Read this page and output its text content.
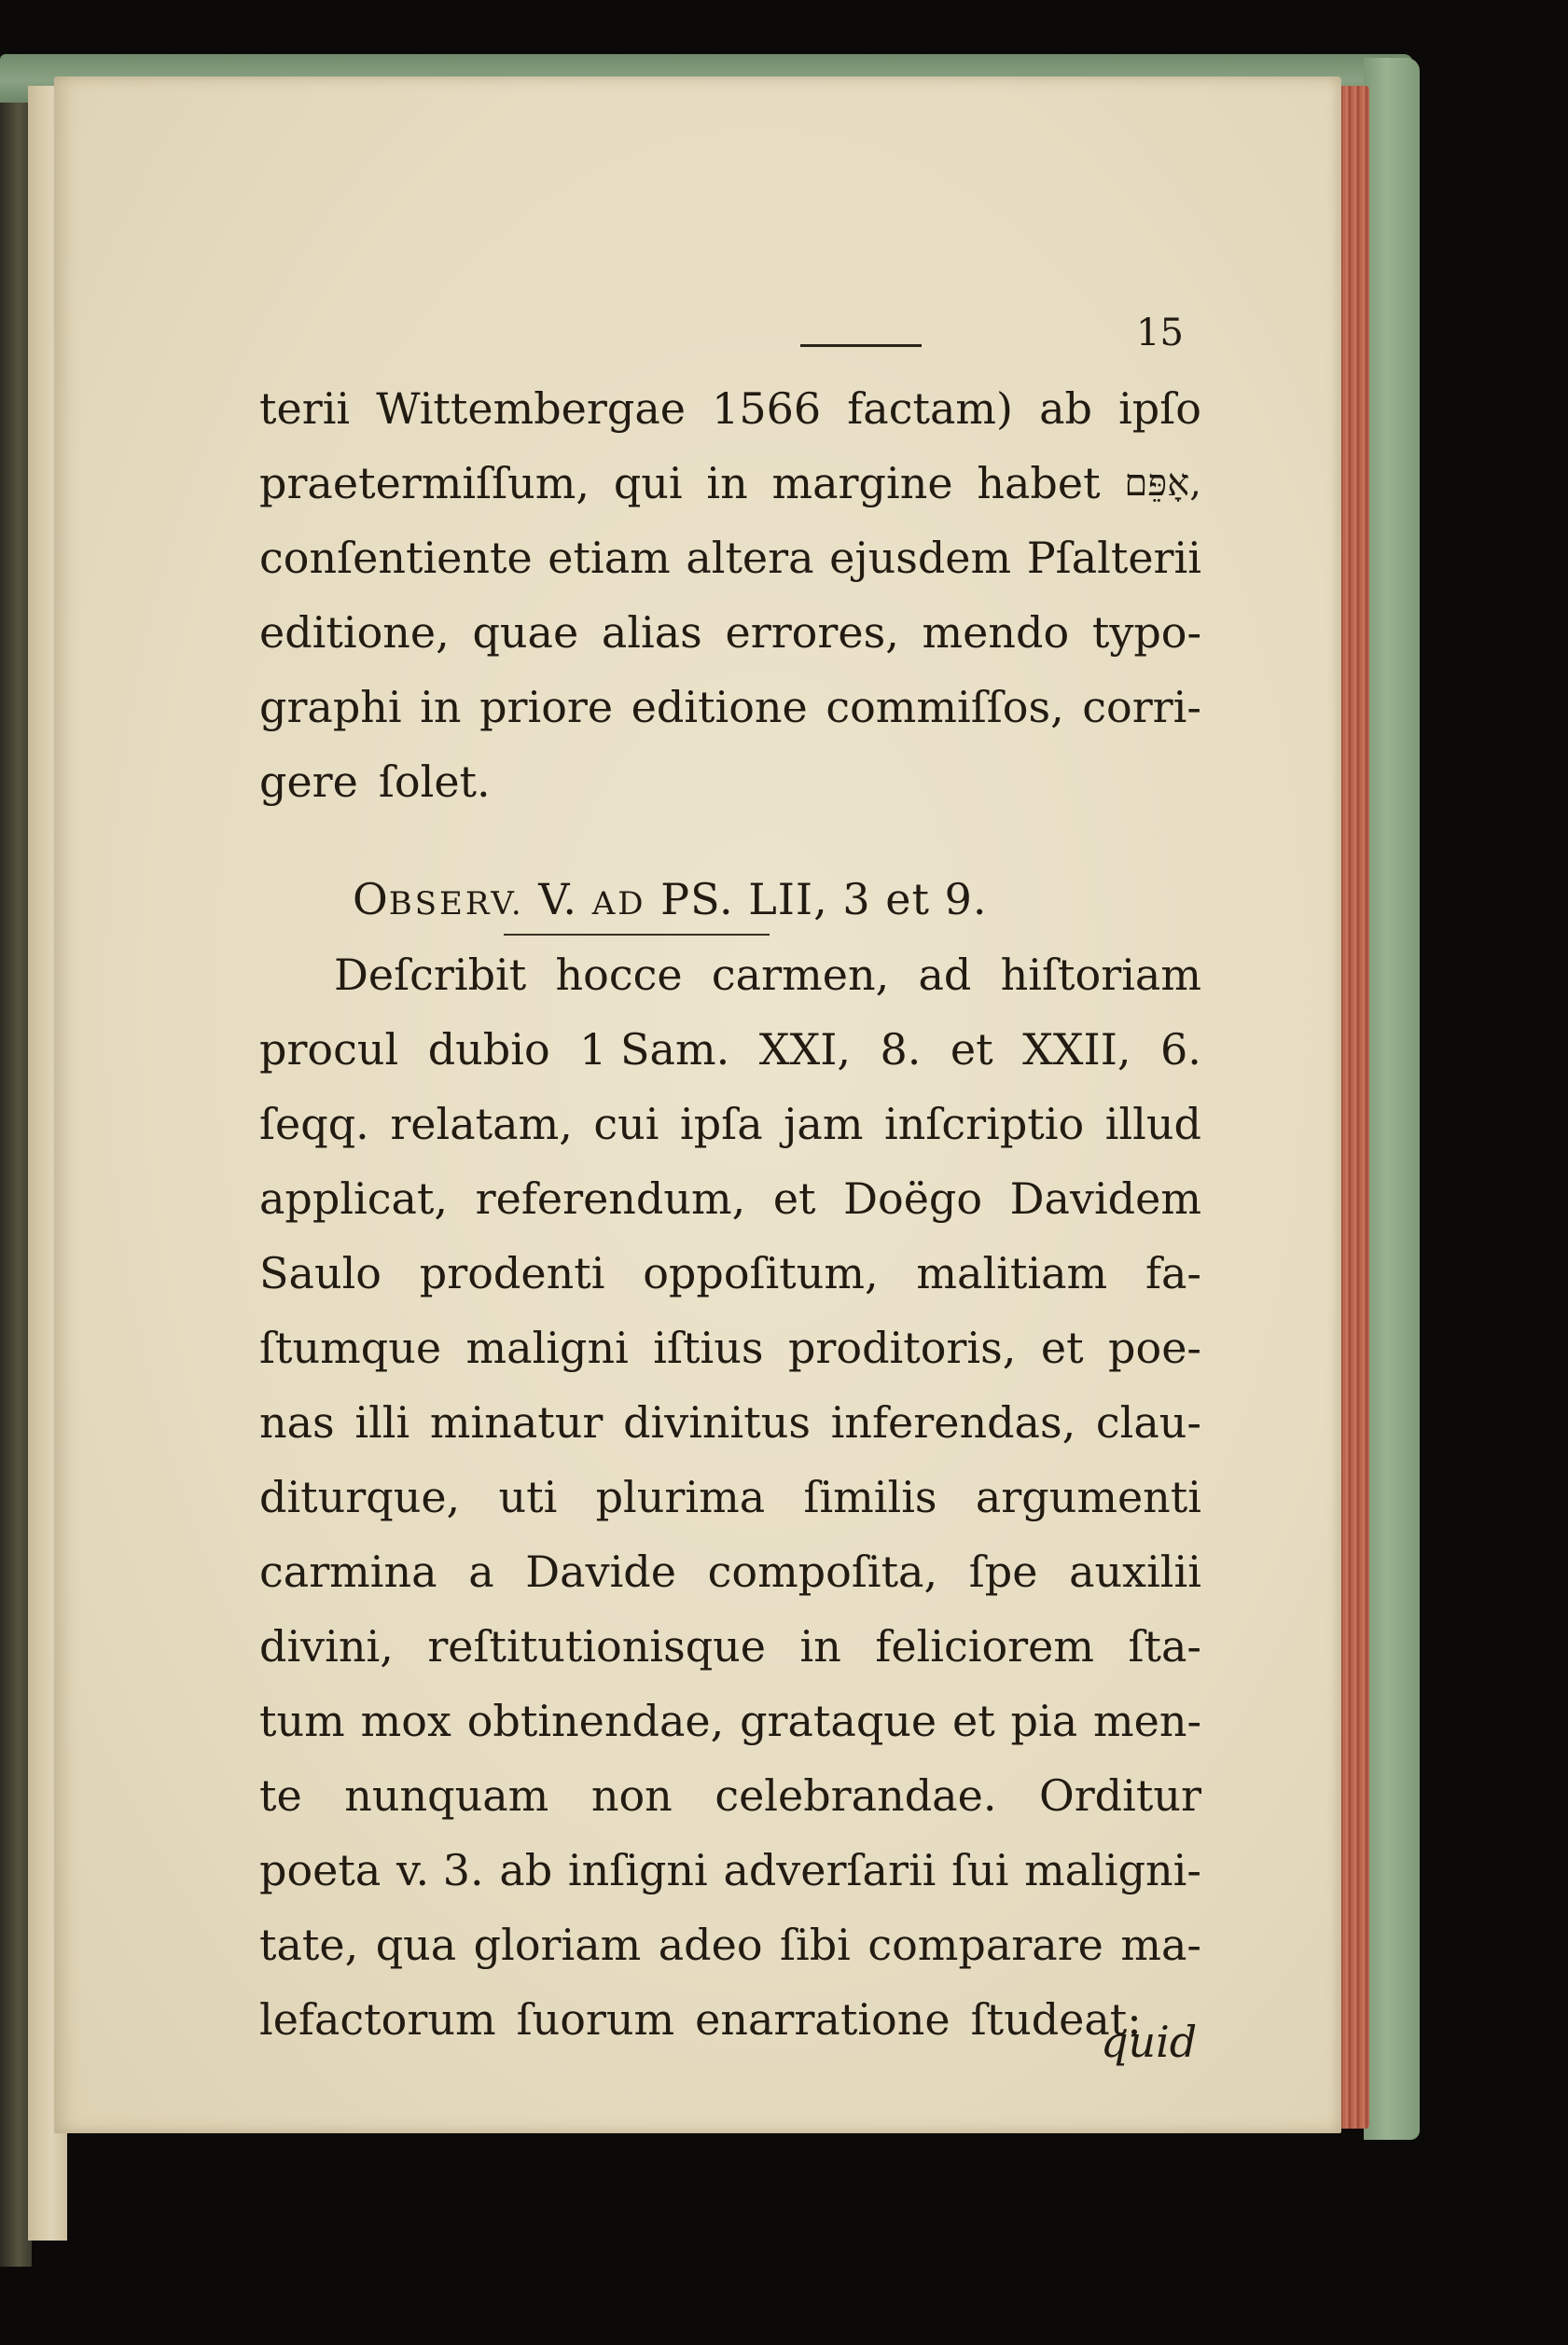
15
terii Wittembergae 1566 factam) ab ipſo
praetermiſſum, qui in margine habet אָפֵּם,
conſentiente etiam altera ejusdem Pſalterii
editione, quae alias errores, mendo typo-
graphi in priore editione commiſſos, corri-
gere ſolet.
OBSERV. V. AD PS. LII, 3 et 9.
Deſcribit hocce carmen, ad hiſtoriam
procul dubio 1 Sam. XXI, 8. et XXII, 6.
ſeqq. relatam, cui ipſa jam inſcriptio illud
applicat, referendum, et Doëgo Davidem
Saulo prodenti oppoſitum, malitiam fa-
ſtumque maligni iſtius proditoris, et poe-
nas illi minatur divinitus inferendas, clau-
diturque, uti plurima ſimilis argumenti
carmina a Davide compoſita, ſpe auxilii
divini, reſtitutionisque in feliciorem ſta-
tum mox obtinendae, grataque et pia men-
te nunquam non celebrandae. Orditur
poeta v. 3. ab inſigni adverſarii ſui maligni-
tate, qua gloriam adeo ſibi comparare ma-
lefactorum ſuorum enarratione ſtudeat:
quid
